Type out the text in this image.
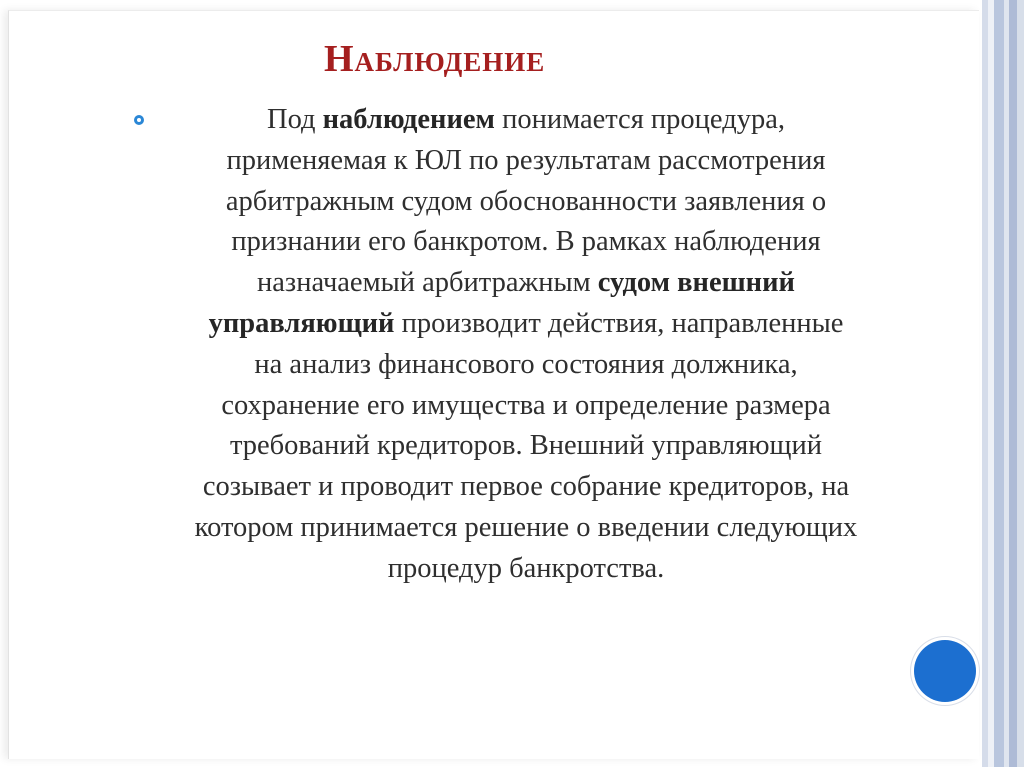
Наблюдение
Под наблюдением понимается процедура,
применяемая к ЮЛ по результатам рассмотрения
арбитражным судом обоснованности заявления о
признании его банкротом. В рамках наблюдения
назначаемый арбитражным судом внешний
управляющий производит действия, направленные
на анализ финансового состояния должника,
сохранение его имущества и определение размера
требований кредиторов. Внешний управляющий
созывает и проводит первое собрание кредиторов, на
котором принимается решение о введении следующих
процедур банкротства.
